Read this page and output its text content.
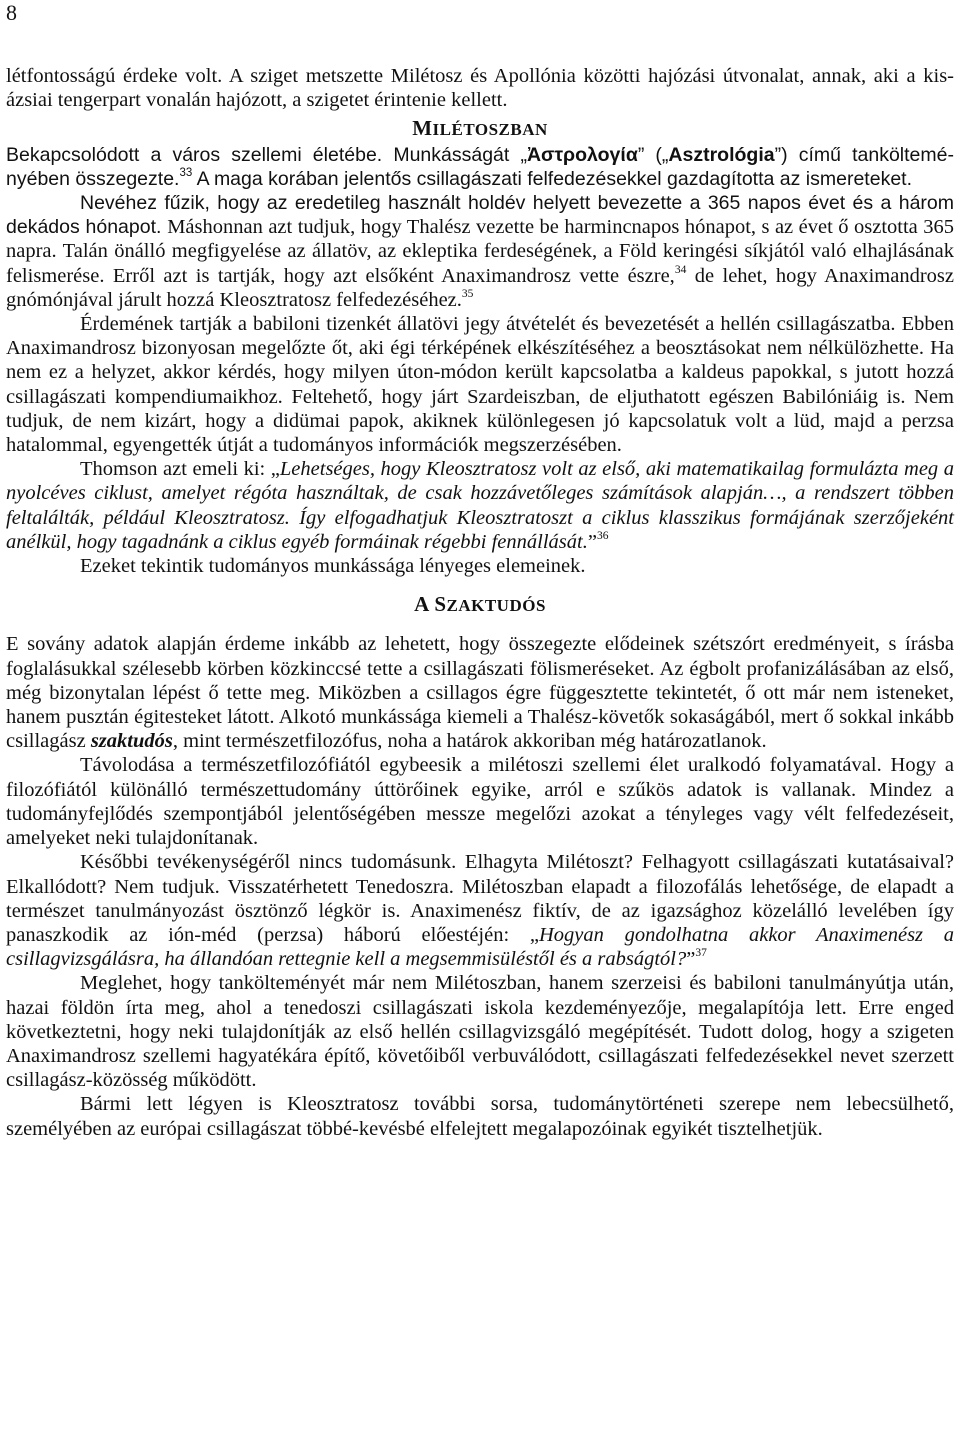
8

létfontosságú érdeke volt. A sziget metszette Milétosz és Apollónia közötti hajózási útvonalat, annak, aki a kis-ázsiai tengerpart vonalán hajózott, a szigetet érintenie kellett.

MILÉTOSZBAN

Bekapcsolódott a város szellemi életébe. Munkásságát „Ἀστρολογία” („Asztrológia”) című tankölteményében összegezte.$^{33}$ A maga korában jelentős csillagászati felfedezésekkel gazdagította az ismereteket.

Nevéhez fűzik, hogy az eredetileg használt holdév helyett bevezette a 365 napos évet és a három dekádos hónapot. Máshonnan azt tudjuk, hogy Thalész vezette be harmincnapos hónapot, s az évet ő osztotta 365 napra. Talán önálló megfigyelése az állatöv, az ekleptika ferdeségének, a Föld keringési síkjától való elhajlásának felismerése. Erről azt is tartják, hogy azt elsőként Anaximandrosz vette észre,$^{34}$ de lehet, hogy Anaximandrosz gnómónjával járult hozzá Kleosztratosz felfedezéséhez.$^{35}$

Érdemének tartják a babiloni tizenkét állatövi jegy átvételét és bevezetését a hellén csillagászatba. Ebben Anaximandrosz bizonyosan megelőzte őt, aki égi térképének elkészítéséhez a beosztásokat nem nélkülözhette. Ha nem ez a helyzet, akkor kérdés, hogy milyen úton-módon került kapcsolatba a kaldeus papokkal, s jutott hozzá csillagászati kompendiumaikhoz. Feltehető, hogy járt Szardeiszban, de eljuthatott egészen Babilóniáig is. Nem tudjuk, de nem kizárt, hogy a didümai papok, akiknek különlegesen jó kapcsolatuk volt a lüd, majd a perzsa hatalommal, egyengették útját a tudományos információk megszerzésében.

Thomson azt emeli ki: „Lehetséges, hogy Kleosztratosz volt az első, aki matematikailag formulázta meg a nyolcéves ciklust, amelyet régóta használtak, de csak hozzávetőleges számítások alapján…, a rendszert többen feltalálták, például Kleosztratosz. Így elfogadhatjuk Kleosztratoszt a ciklus klasszikus formájának szerzőjeként anélkül, hogy tagadnánk a ciklus egyéb formáinak régebbi fennállását.”$^{36}$

Ezeket tekintik tudományos munkássága lényeges elemeinek.

A SZAKTUDÓS

E sovány adatok alapján érdeme inkább az lehetett, hogy összegezte elődeinek szétszórt eredményeit, s írásba foglalásukkal szélesebb körben közkinccsé tette a csillagászati fölismeréseket. Az égbolt profanizálásában az első, még bizonytalan lépést ő tette meg. Miközben a csillagos égre függesztette tekintetét, ő ott már nem isteneket, hanem pusztán égitesteket látott. Alkotó munkássága kiemeli a Thalész-követők sokaságából, mert ő sokkal inkább csillagász szaktudós, mint természetfilozófus, noha a határok akkoriban még határozatlanok.

Távolodása a természetfilozófiától egybeesik a milétoszi szellemi élet uralkodó folyamatával. Hogy a filozófiától különálló természettudomány úttörőinek egyike, arról e szűkös adatok is vallanak. Mindez a tudományfejlődés szempontjából jelentőségében messze megelőzi azokat a tényleges vagy vélt felfedezéseit, amelyeket neki tulajdonítanak.

Későbbi tevékenységéről nincs tudomásunk. Elhagyta Milétoszt? Felhagyott csillagászati kutatásaival? Elkallódott? Nem tudjuk. Visszatérhetett Tenedoszra. Milétoszban elapadt a filozofálás lehetősége, de elapadt a természet tanulmányozást ösztönző légkör is. Anaximenész fiktív, de az igazsághoz közelálló levelében így panaszkodik az ión-méd (perzsa) háború előestéjén: „Hogyan gondolhatna akkor Anaximenész a csillagvizsgálásra, ha állandóan rettegnie kell a megsemmisüléstől és a rabságtól?”$^{37}$

Meglehet, hogy tankölteményét már nem Milétoszban, hanem szerzeisi és babiloni tanulmányútja után, hazai földön írta meg, ahol a tenedoszi csillagászati iskola kezdeményezője, megalapítója lett. Erre enged következtetni, hogy neki tulajdonítják az első hellén csillagvizsgáló megépítését. Tudott dolog, hogy a szigeten Anaximandrosz szellemi hagyatékára építő, követőiből verbuválódott, csillagászati felfedezésekkel nevet szerzett csillagász-közösség működött.

Bármi lett légyen is Kleosztratosz további sorsa, tudománytörténeti szerepe nem lebecsülhető, személyében az európai csillagászat többé-kevésbé elfelejtett megalapozóinak egyikét tisztelhetjük.
